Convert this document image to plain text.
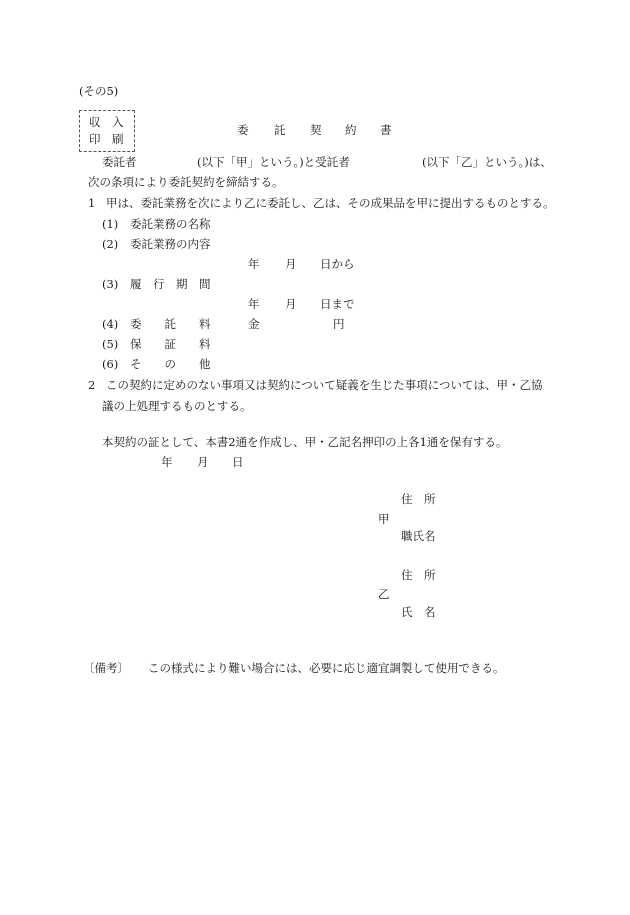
(その5)
収　入
印　刷
委 託 契 約 書
委託者	(以下「甲」という。)と受託者	(以下「乙」という。)は、
次の条項により委託契約を締結する。
1 甲は、委託業務を次により乙に委託し、乙は、その成果品を甲に提出するものとする。
(1) 委託業務の名称
(2) 委託業務の内容
年 月 日から
(3) 履　行　期　間
年 月 日まで
(4) 委　　託　　料	金	円
(5) 保　　証　　料
(6) そ　　の　　他
2 この契約に定めのない事項又は契約について疑義を生じた事項については、甲・乙協
議の上処理するものとする。
本契約の証として、本書2通を作成し、甲・乙記名押印の上各1通を保有する。
年 月 日
住　所
甲
職氏名
住　所
乙
氏　名
〔備考〕 この様式により難い場合には、必要に応じ適宜調製して使用できる。
